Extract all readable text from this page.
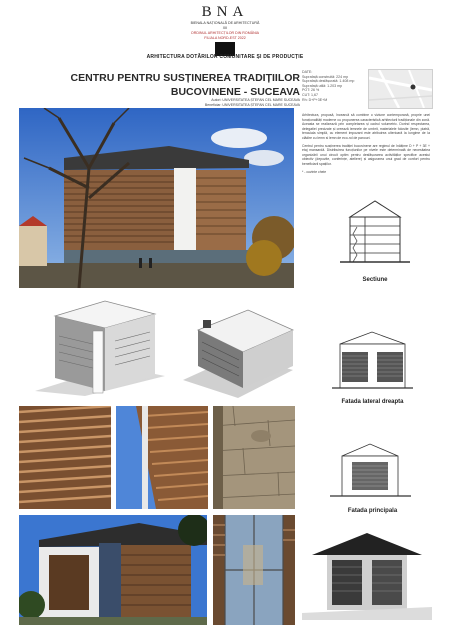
BNA
BIENALA NAȚIONALĂ DE ARHITECTURĂ
XII
ORDINUL ARHITECȚILOR DIN ROMÂNIA
FILIALA NORD-EST 2022
ARHITECTURA DOTĂRILOR COMUNITARE ȘI DE PRODUCȚIE
CENTRU PENTRU SUSȚINEREA TRADIȚIILOR BUCOVINENE - SUCEAVA
Autori: UNIVERSITATEA ȘTEFAN CEL MARE SUCEAVA
Beneficiar: UNIVERSITATEA ȘTEFAN CEL MARE SUCEAVA
DATE:
Suprafață construită: 224 mp
Suprafață desfășurată: 1.408 mp
Suprafață utilă: 1.203 mp
POT: 26 %
CUT: 1,67
Rh: D+P+3E+M

Arhitectura, propusă, încearcă să combine o viziune contemporană, proprie unei funcționalități moderne cu propunerea caracteristică arhitecturii tradiționale din zonă. Aceasta se realizează prin completarea și cadrul volumetric. Dorind respectarea, delegatiei precizate și creează lemnele de umbrit, materialele folosite (lemn, piatră, tencuiala simplă, cu element impozant este atribuirea ulterioară la lungime de la clădire cu lemn si lemn de eco-rol de panouri.

Centrul pentru susținerea tradiției bucovinene are regimul de înălțime D + P + 3E + etaj mansardă. Distribuirea funcțiunilor pe nivele este determinată de necesitatea organizării unui circuit optim pentru desfășurarea activităților specifice acestui obiectiv (depozite, conferințe, ateliere) și asigurarea unui grad de confort pentru beneficiarii spațiilor.

* - cuvinte cheie

Sectiune
Fatada lateral dreapta
Fatada principala
